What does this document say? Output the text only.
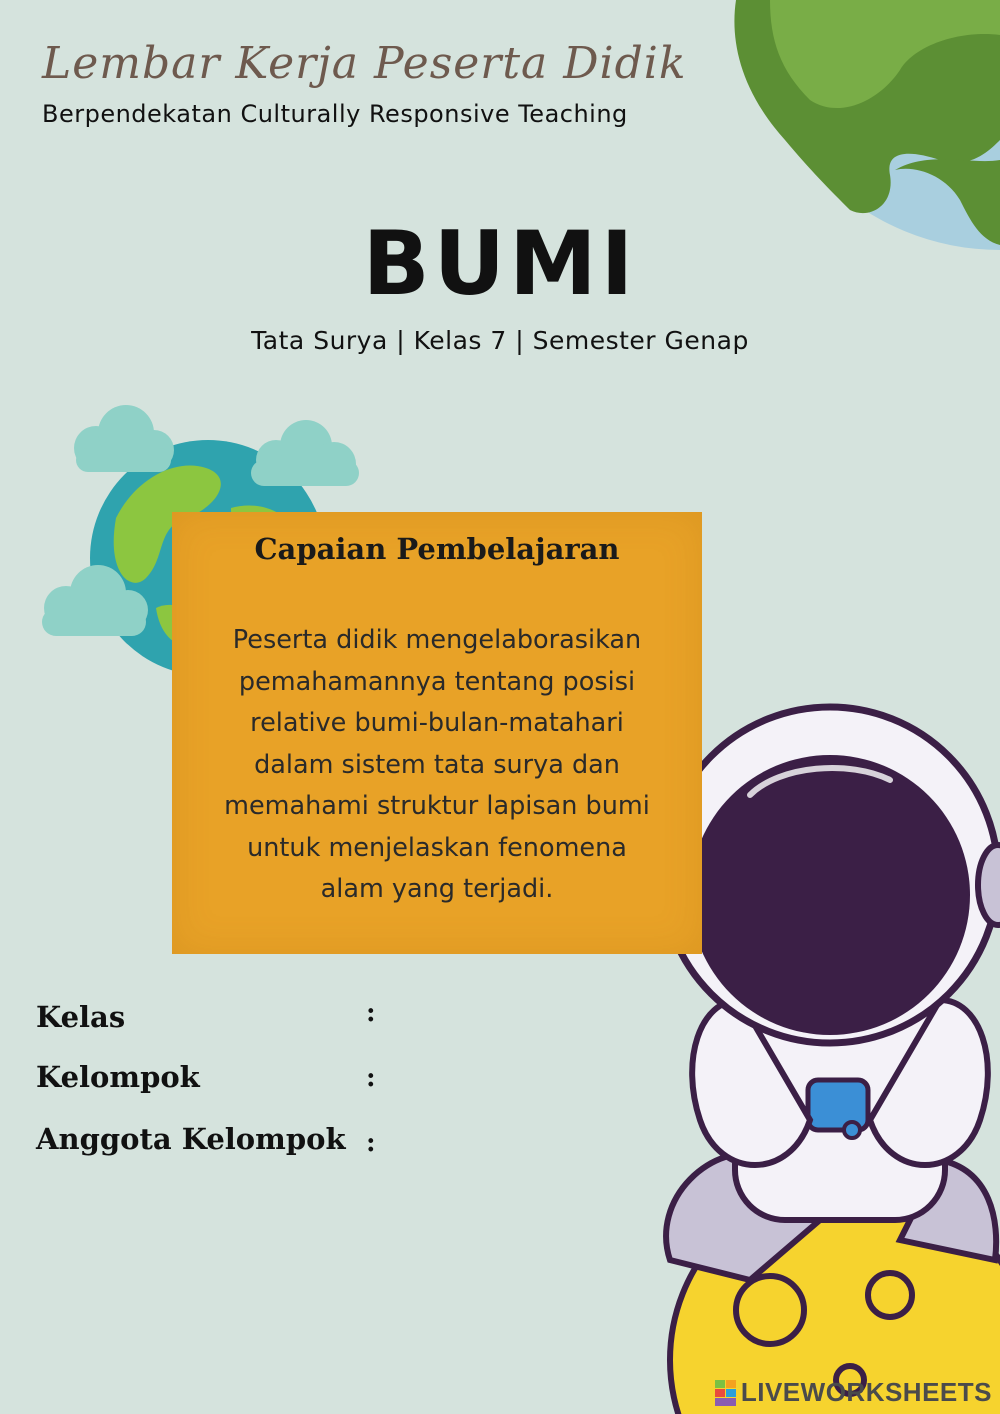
Lembar Kerja Peserta Didik
Berpendekatan Culturally Responsive Teaching
BUMI
Tata Surya | Kelas 7 | Semester Genap
Capaian Pembelajaran

Peserta didik mengelaborasikan
pemahamannya tentang posisi
relative bumi-bulan-matahari
dalam sistem tata surya dan
memahami struktur lapisan bumi
untuk menjelaskan fenomena
alam yang terjadi.

Kelas	:
Kelompok	:
Anggota Kelompok :
LIVEWORKSHEETS
